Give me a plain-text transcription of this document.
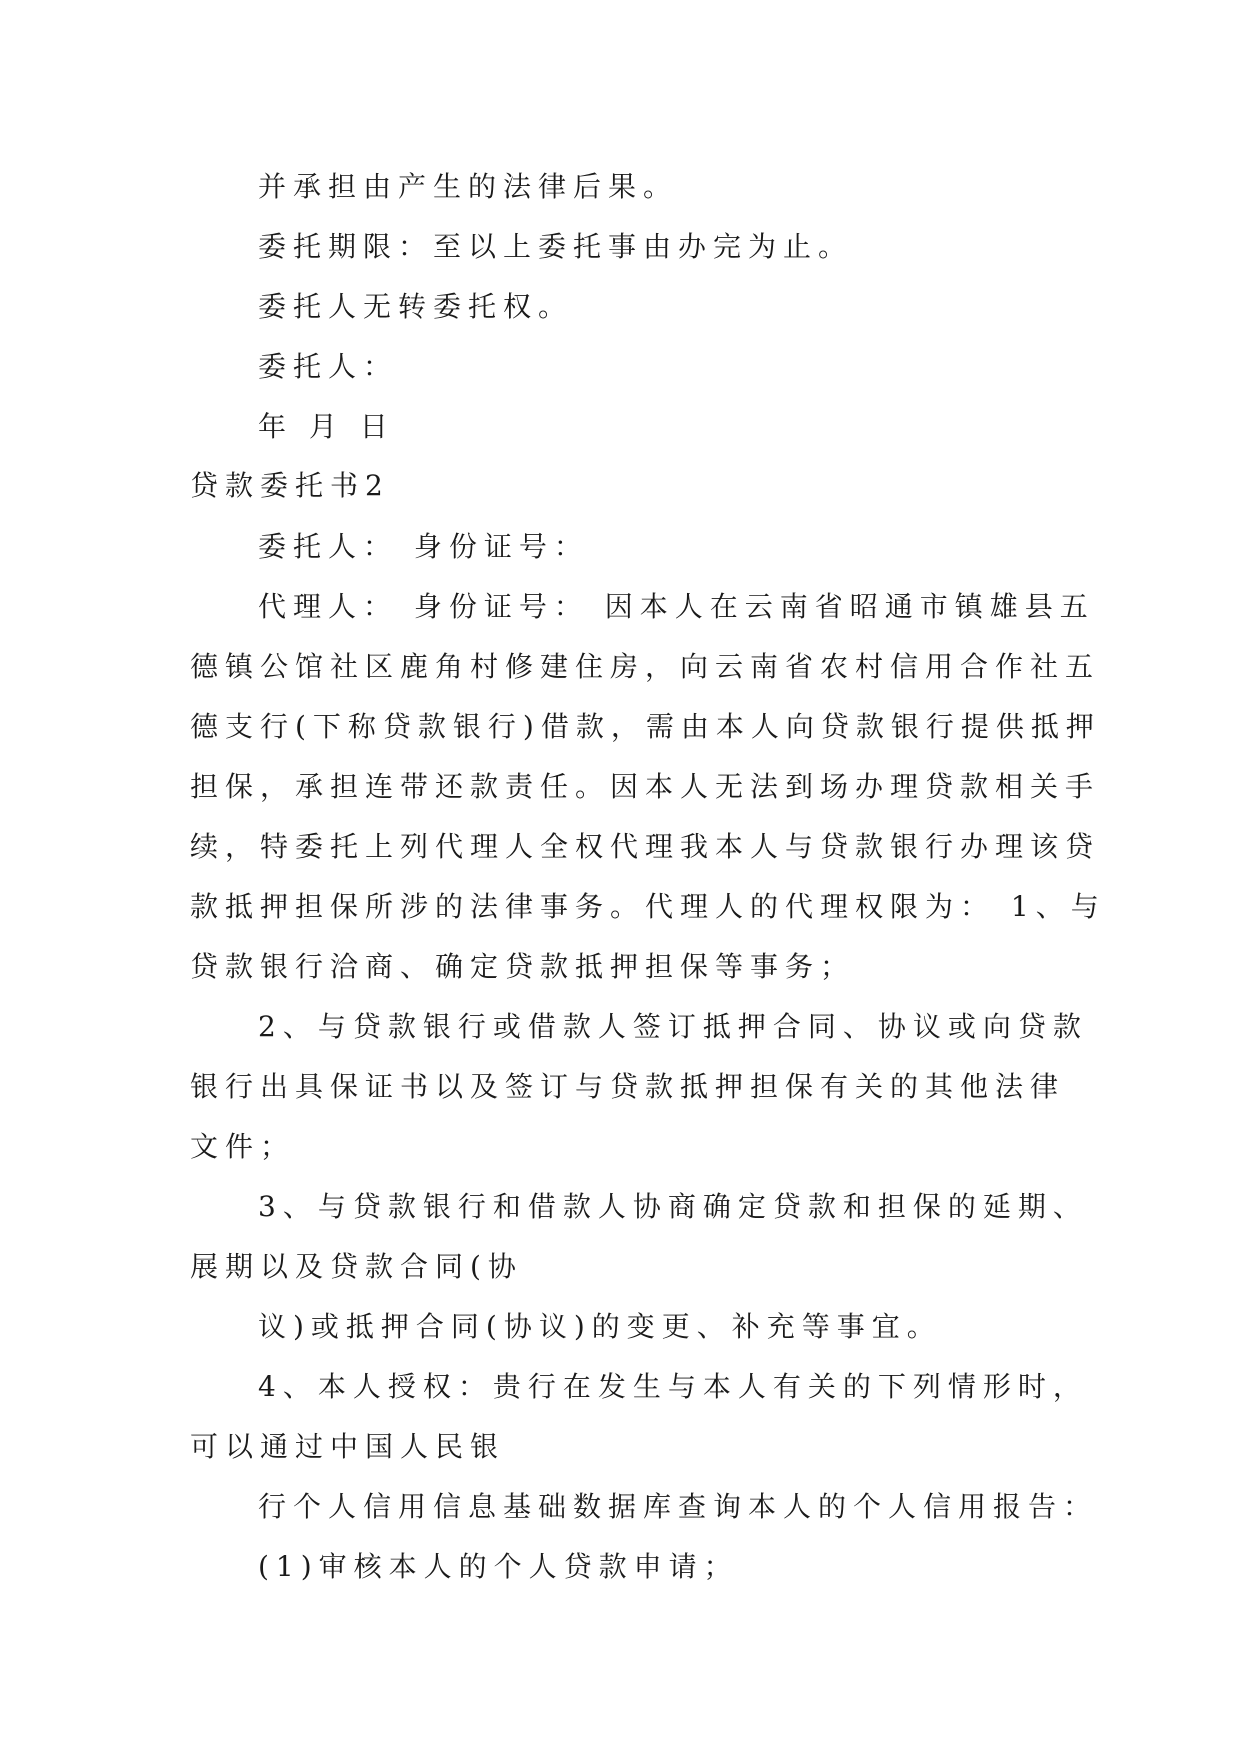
并承担由产生的法律后果。
委托期限：至以上委托事由办完为止。
委托人无转委托权。
委托人：
年 月 日
贷款委托书2
委托人： 身份证号：
代理人： 身份证号： 因本人在云南省昭通市镇雄县五
德镇公馆社区鹿角村修建住房，向云南省农村信用合作社五
德支行(下称贷款银行)借款，需由本人向贷款银行提供抵押
担保，承担连带还款责任。因本人无法到场办理贷款相关手
续，特委托上列代理人全权代理我本人与贷款银行办理该贷
款抵押担保所涉的法律事务。代理人的代理权限为： 1、与
贷款银行洽商、确定贷款抵押担保等事务；
2、与贷款银行或借款人签订抵押合同、协议或向贷款
银行出具保证书以及签订与贷款抵押担保有关的其他法律
文件；
3、与贷款银行和借款人协商确定贷款和担保的延期、
展期以及贷款合同(协
议)或抵押合同(协议)的变更、补充等事宜。
4、本人授权：贵行在发生与本人有关的下列情形时，
可以通过中国人民银
行个人信用信息基础数据库查询本人的个人信用报告：
(1)审核本人的个人贷款申请；
